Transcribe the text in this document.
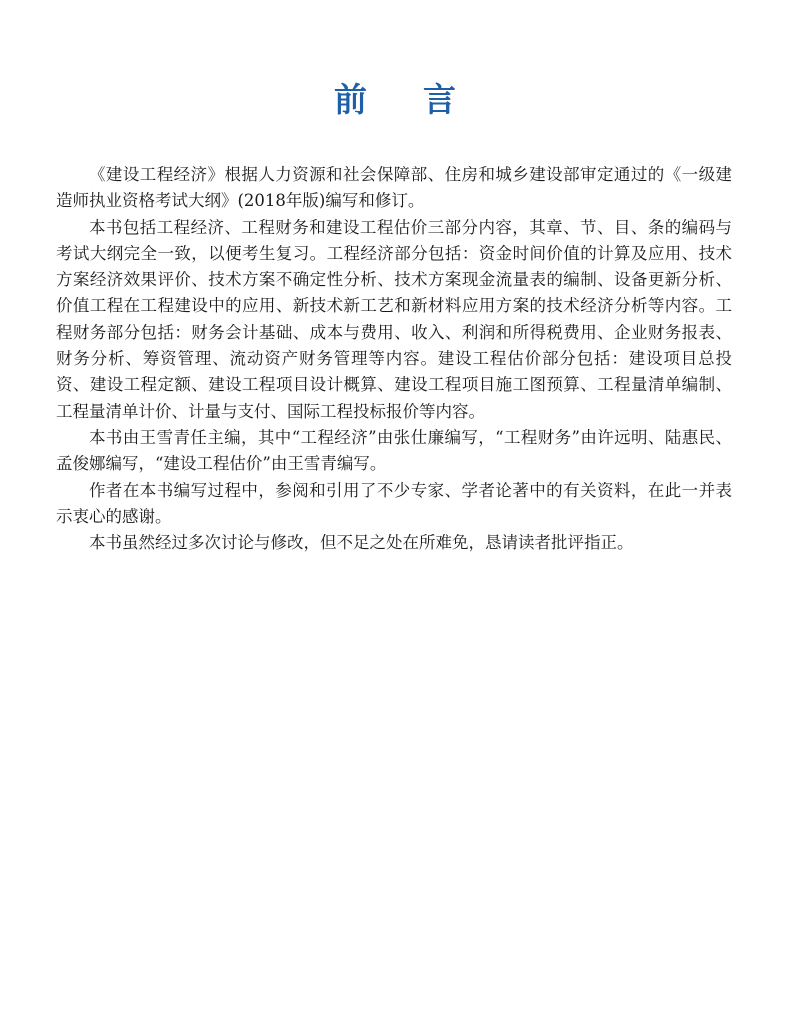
前言

《建设工程经济》根据人力资源和社会保障部、住房和城乡建设部审定通过的《一级建造师执业资格考试大纲》(2018年版)编写和修订。

本书包括工程经济、工程财务和建设工程估价三部分内容，其章、节、目、条的编码与考试大纲完全一致，以便考生复习。工程经济部分包括：资金时间价值的计算及应用、技术方案经济效果评价、技术方案不确定性分析、技术方案现金流量表的编制、设备更新分析、价值工程在工程建设中的应用、新技术新工艺和新材料应用方案的技术经济分析等内容。工程财务部分包括：财务会计基础、成本与费用、收入、利润和所得税费用、企业财务报表、财务分析、筹资管理、流动资产财务管理等内容。建设工程估价部分包括：建设项目总投资、建设工程定额、建设工程项目设计概算、建设工程项目施工图预算、工程量清单编制、工程量清单计价、计量与支付、国际工程投标报价等内容。

本书由王雪青任主编，其中“工程经济”由张仕廉编写，“工程财务”由许远明、陆惠民、孟俊娜编写，“建设工程估价”由王雪青编写。

作者在本书编写过程中，参阅和引用了不少专家、学者论著中的有关资料，在此一并表示衷心的感谢。

本书虽然经过多次讨论与修改，但不足之处在所难免，恳请读者批评指正。
